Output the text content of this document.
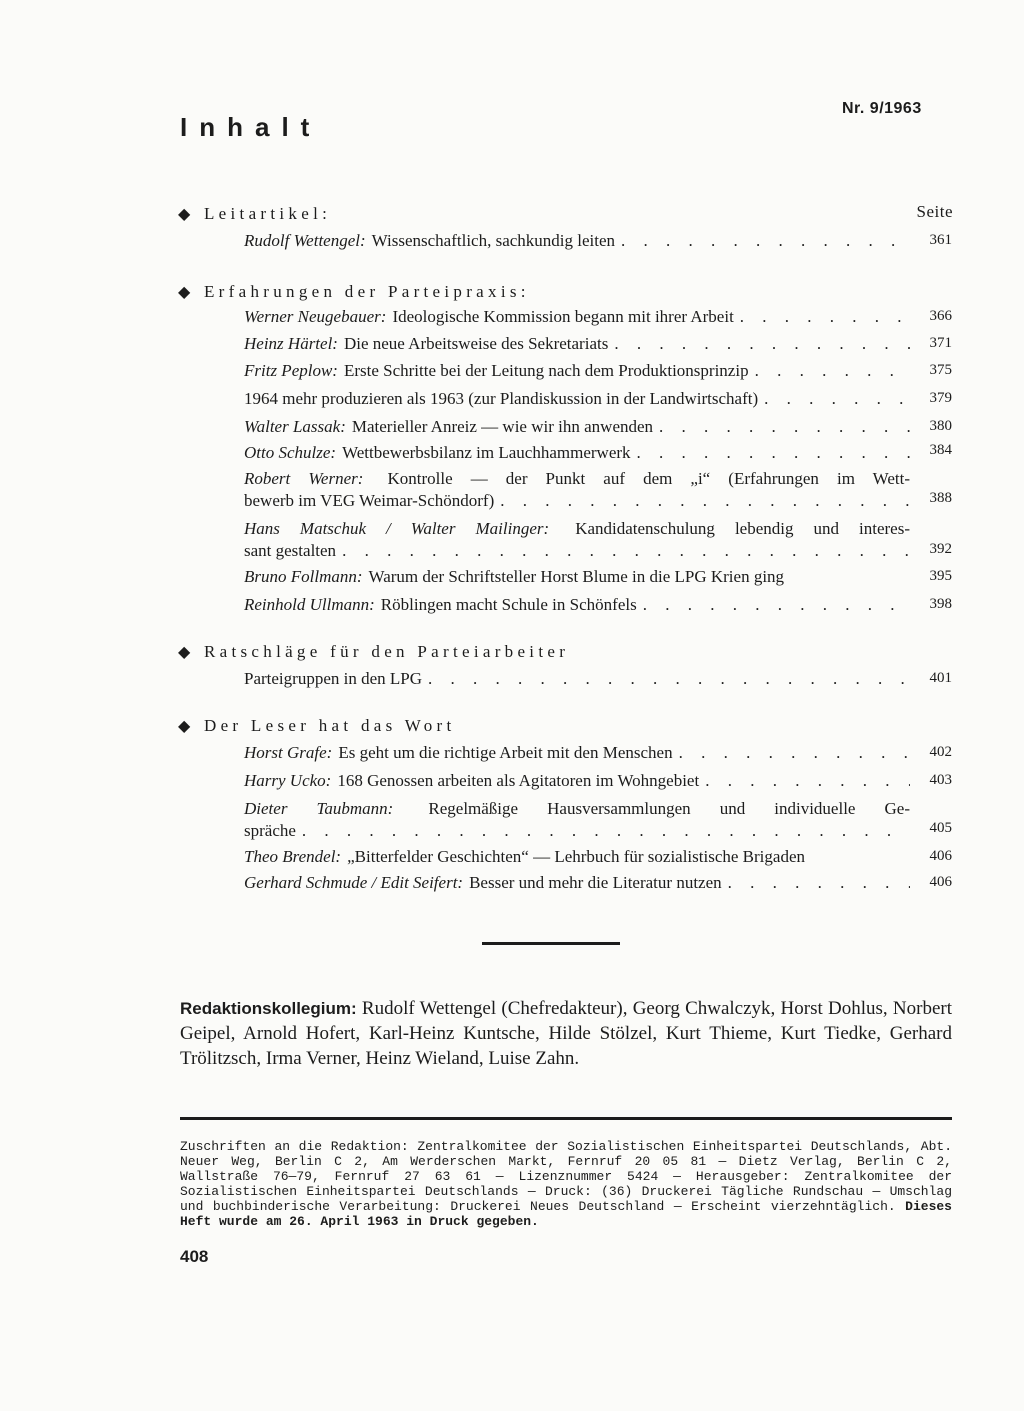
Nr. 9/1963
Inhalt
Seite
◆ Leitartikel:
Rudolf Wettengel: Wissenschaftlich, sachkundig leiten . . .	361
◆ Erfahrungen der Parteipraxis:
Werner Neugebauer: Ideologische Kommission begann mit ihrer Arbeit . . .	366
Heinz Härtel: Die neue Arbeitsweise des Sekretariats . . .	371
Fritz Peplow: Erste Schritte bei der Leitung nach dem Produktionsprinzip . . .	375
1964 mehr produzieren als 1963 (zur Plandiskussion in der Landwirtschaft) . . .	379
Walter Lassak: Materieller Anreiz — wie wir ihn anwenden . . .	380
Otto Schulze: Wettbewerbsbilanz im Lauchhammerwerk . . .	384
Robert Werner: Kontrolle — der Punkt auf dem „i“ (Erfahrungen im Wett-
bewerb im VEG Weimar-Schöndorf) . . .	388
Hans Matschuk / Walter Mailinger: Kandidatenschulung lebendig und interes-
sant gestalten . . .	392
Bruno Follmann: Warum der Schriftsteller Horst Blume in die LPG Krien ging	395
Reinhold Ullmann: Röblingen macht Schule in Schönfels . . .	398
◆ Ratschläge für den Parteiarbeiter
Parteigruppen in den LPG . . .	401
◆ Der Leser hat das Wort
Horst Grafe: Es geht um die richtige Arbeit mit den Menschen . . .	402
Harry Ucko: 168 Genossen arbeiten als Agitatoren im Wohngebiet . . .	403
Dieter Taubmann: Regelmäßige Hausversammlungen und individuelle Ge-
spräche . . .	405
Theo Brendel: „Bitterfelder Geschichten“ — Lehrbuch für sozialistische Brigaden	406
Gerhard Schmude / Edit Seifert: Besser und mehr die Literatur nutzen . . .	406
Redaktionskollegium: Rudolf Wettengel (Chefredakteur), Georg Chwalczyk, Horst Dohlus, Norbert Geipel, Arnold Hofert, Karl-Heinz Kuntsche, Hilde Stölzel, Kurt Thieme, Kurt Tiedke, Gerhard Trölitzsch, Irma Verner, Heinz Wieland, Luise Zahn.
Zuschriften an die Redaktion: Zentralkomitee der Sozialistischen Einheitspartei Deutschlands, Abt. Neuer Weg, Berlin C 2, Am Werderschen Markt, Fernruf 20 05 81 — Dietz Verlag, Berlin C 2, Wallstraße 76—79, Fernruf 27 63 61 — Lizenznummer 5424 — Herausgeber: Zentralkomitee der Sozialistischen Einheitspartei Deutschlands — Druck: (36) Druckerei Tägliche Rundschau — Umschlag und buchbinderische Verarbeitung: Druckerei Neues Deutschland — Erscheint vierzehntäglich. Dieses Heft wurde am 26. April 1963 in Druck gegeben.
408
